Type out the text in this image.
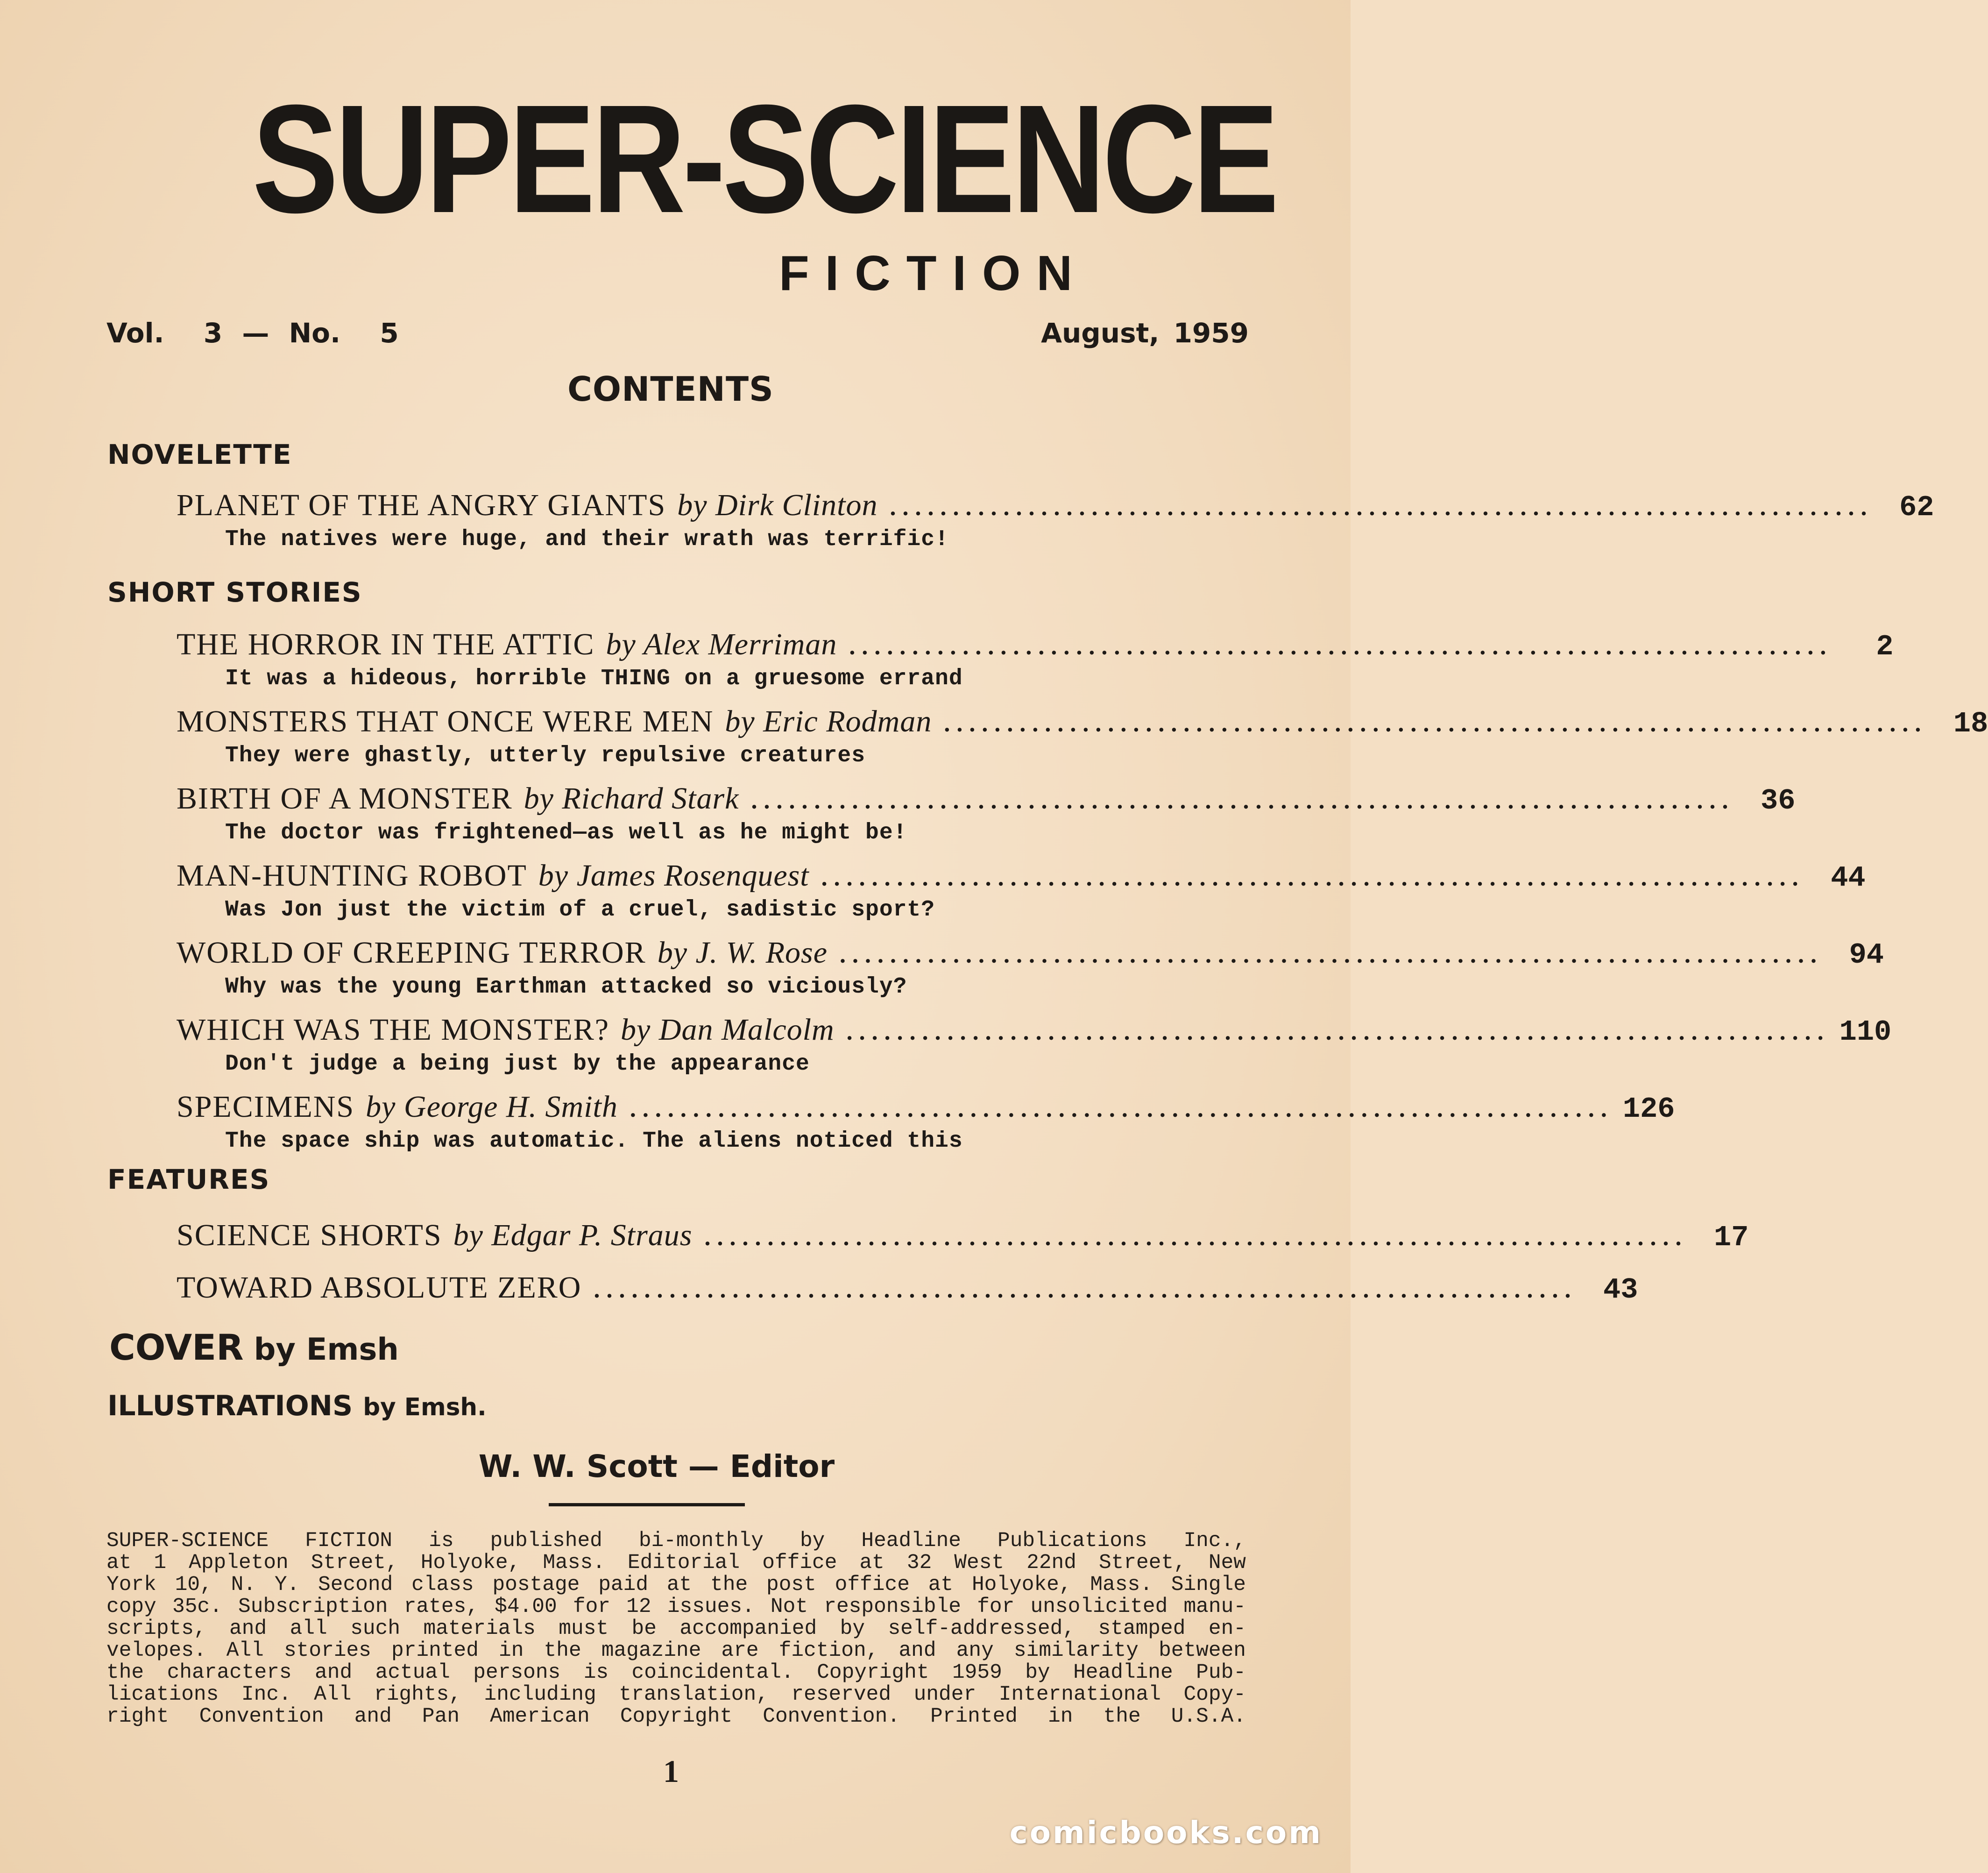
SUPER-SCIENCE
FICTION
Vol.  3 — No.  5	August, 1959
CONTENTS
NOVELETTE
PLANET OF THE ANGRY GIANTS by Dirk Clinton .............................................................................. 62
The natives were huge, and their wrath was terrific!
SHORT STORIES
THE HORROR IN THE ATTIC by Alex Merriman ..............................................................................	2
It was a hideous, horrible THING on a gruesome errand
MONSTERS THAT ONCE WERE MEN by Eric Rodman .............................................................................. 18
They were ghastly, utterly repulsive creatures
BIRTH OF A MONSTER by Richard Stark .............................................................................. 36
The doctor was frightened—as well as he might be!
MAN-HUNTING ROBOT by James Rosenquest .............................................................................. 44
Was Jon just the victim of a cruel, sadistic sport?
WORLD OF CREEPING TERROR by J. W. Rose .............................................................................. 94
Why was the young Earthman attacked so viciously?
WHICH WAS THE MONSTER? by Dan Malcolm .............................................................................. 110
Don't judge a being just by the appearance
SPECIMENS by George H. Smith .............................................................................. 126
The space ship was automatic. The aliens noticed this
FEATURES
SCIENCE SHORTS by Edgar P. Straus .............................................................................. 17
TOWARD ABSOLUTE ZERO .............................................................................. 43
COVER by Emsh
ILLUSTRATIONS by Emsh.
W. W. Scott — Editor
SUPER-SCIENCE FICTION is published bi-monthly by Headline Publications Inc.,
at 1 Appleton Street, Holyoke, Mass. Editorial office at 32 West 22nd Street, New
York 10, N. Y. Second class postage paid at the post office at Holyoke, Mass. Single
copy 35c. Subscription rates, $4.00 for 12 issues. Not responsible for unsolicited manu-
scripts, and all such materials must be accompanied by self-addressed, stamped en-
velopes. All stories printed in the magazine are fiction, and any similarity between
the characters and actual persons is coincidental. Copyright 1959 by Headline Pub-
lications Inc. All rights, including translation, reserved under International Copy-
right Convention and Pan American Copyright Convention. Printed in the U.S.A.
1
comicbooks.com
